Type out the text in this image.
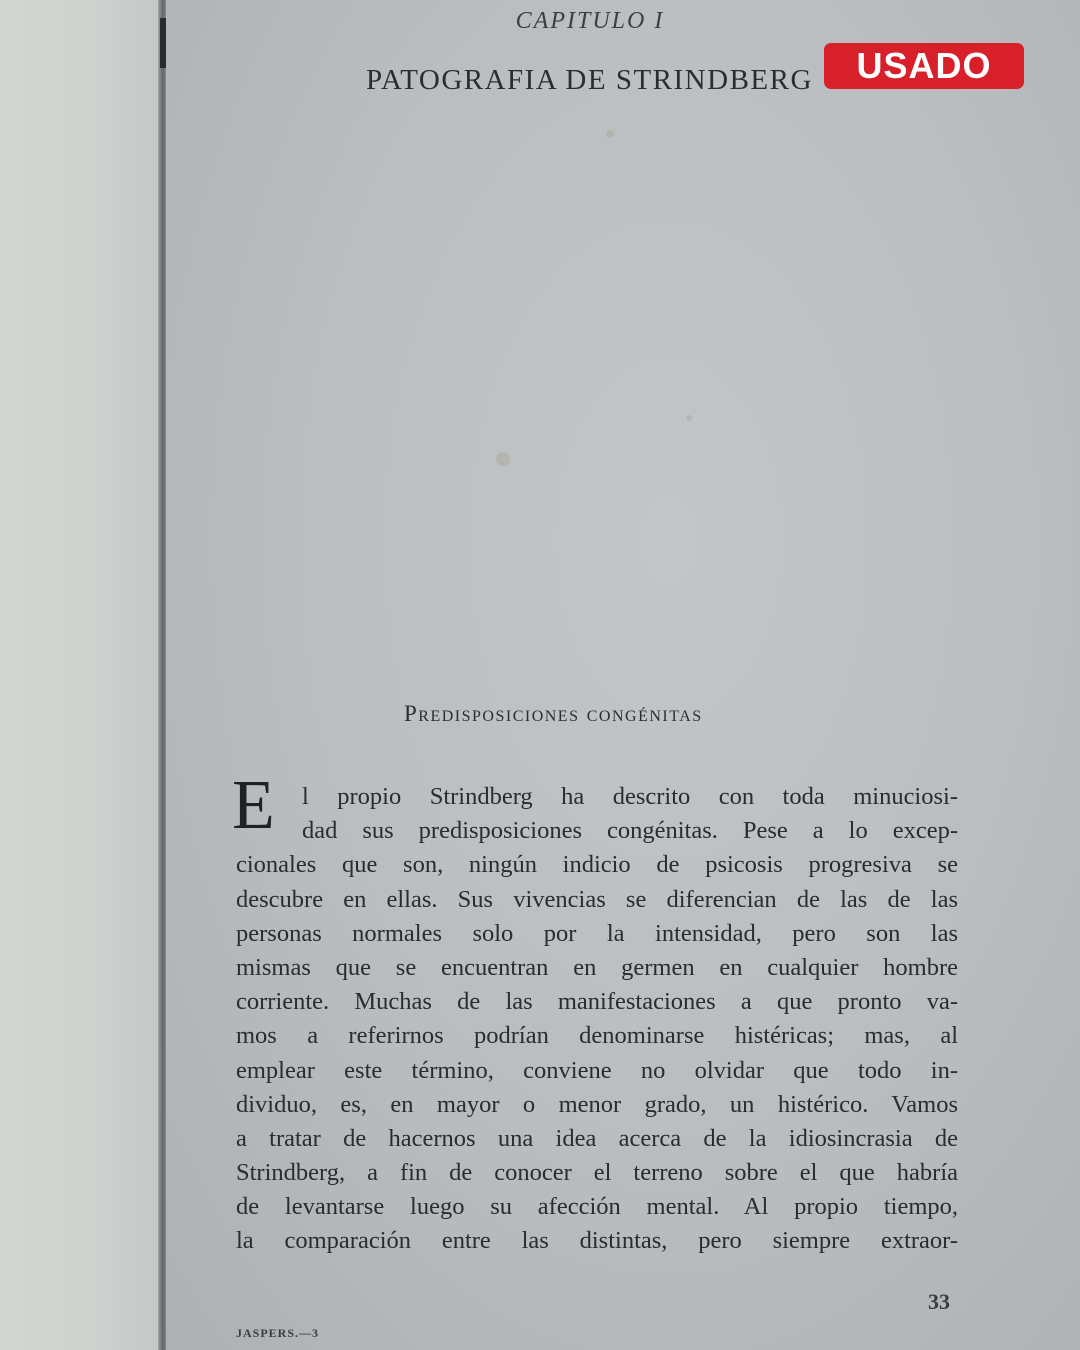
CAPITULO I
PATOGRAFIA DE STRINDBERG	USADO
Predisposiciones congénitas
E	l propio Strindberg ha descrito con toda minuciosi-
dad sus predisposiciones congénitas. Pese a lo excep-
cionales que son, ningún indicio de psicosis progresiva se
descubre en ellas. Sus vivencias se diferencian de las de las
personas normales solo por la intensidad, pero son las
mismas que se encuentran en germen en cualquier hombre
corriente. Muchas de las manifestaciones a que pronto va-
mos a referirnos podrían denominarse histéricas; mas, al
emplear este término, conviene no olvidar que todo in-
dividuo, es, en mayor o menor grado, un histérico. Vamos
a tratar de hacernos una idea acerca de la idiosincrasia de
Strindberg, a fin de conocer el terreno sobre el que habría
de levantarse luego su afección mental. Al propio tiempo,
la comparación entre las distintas, pero siempre extraor-
33
JASPERS.—3
